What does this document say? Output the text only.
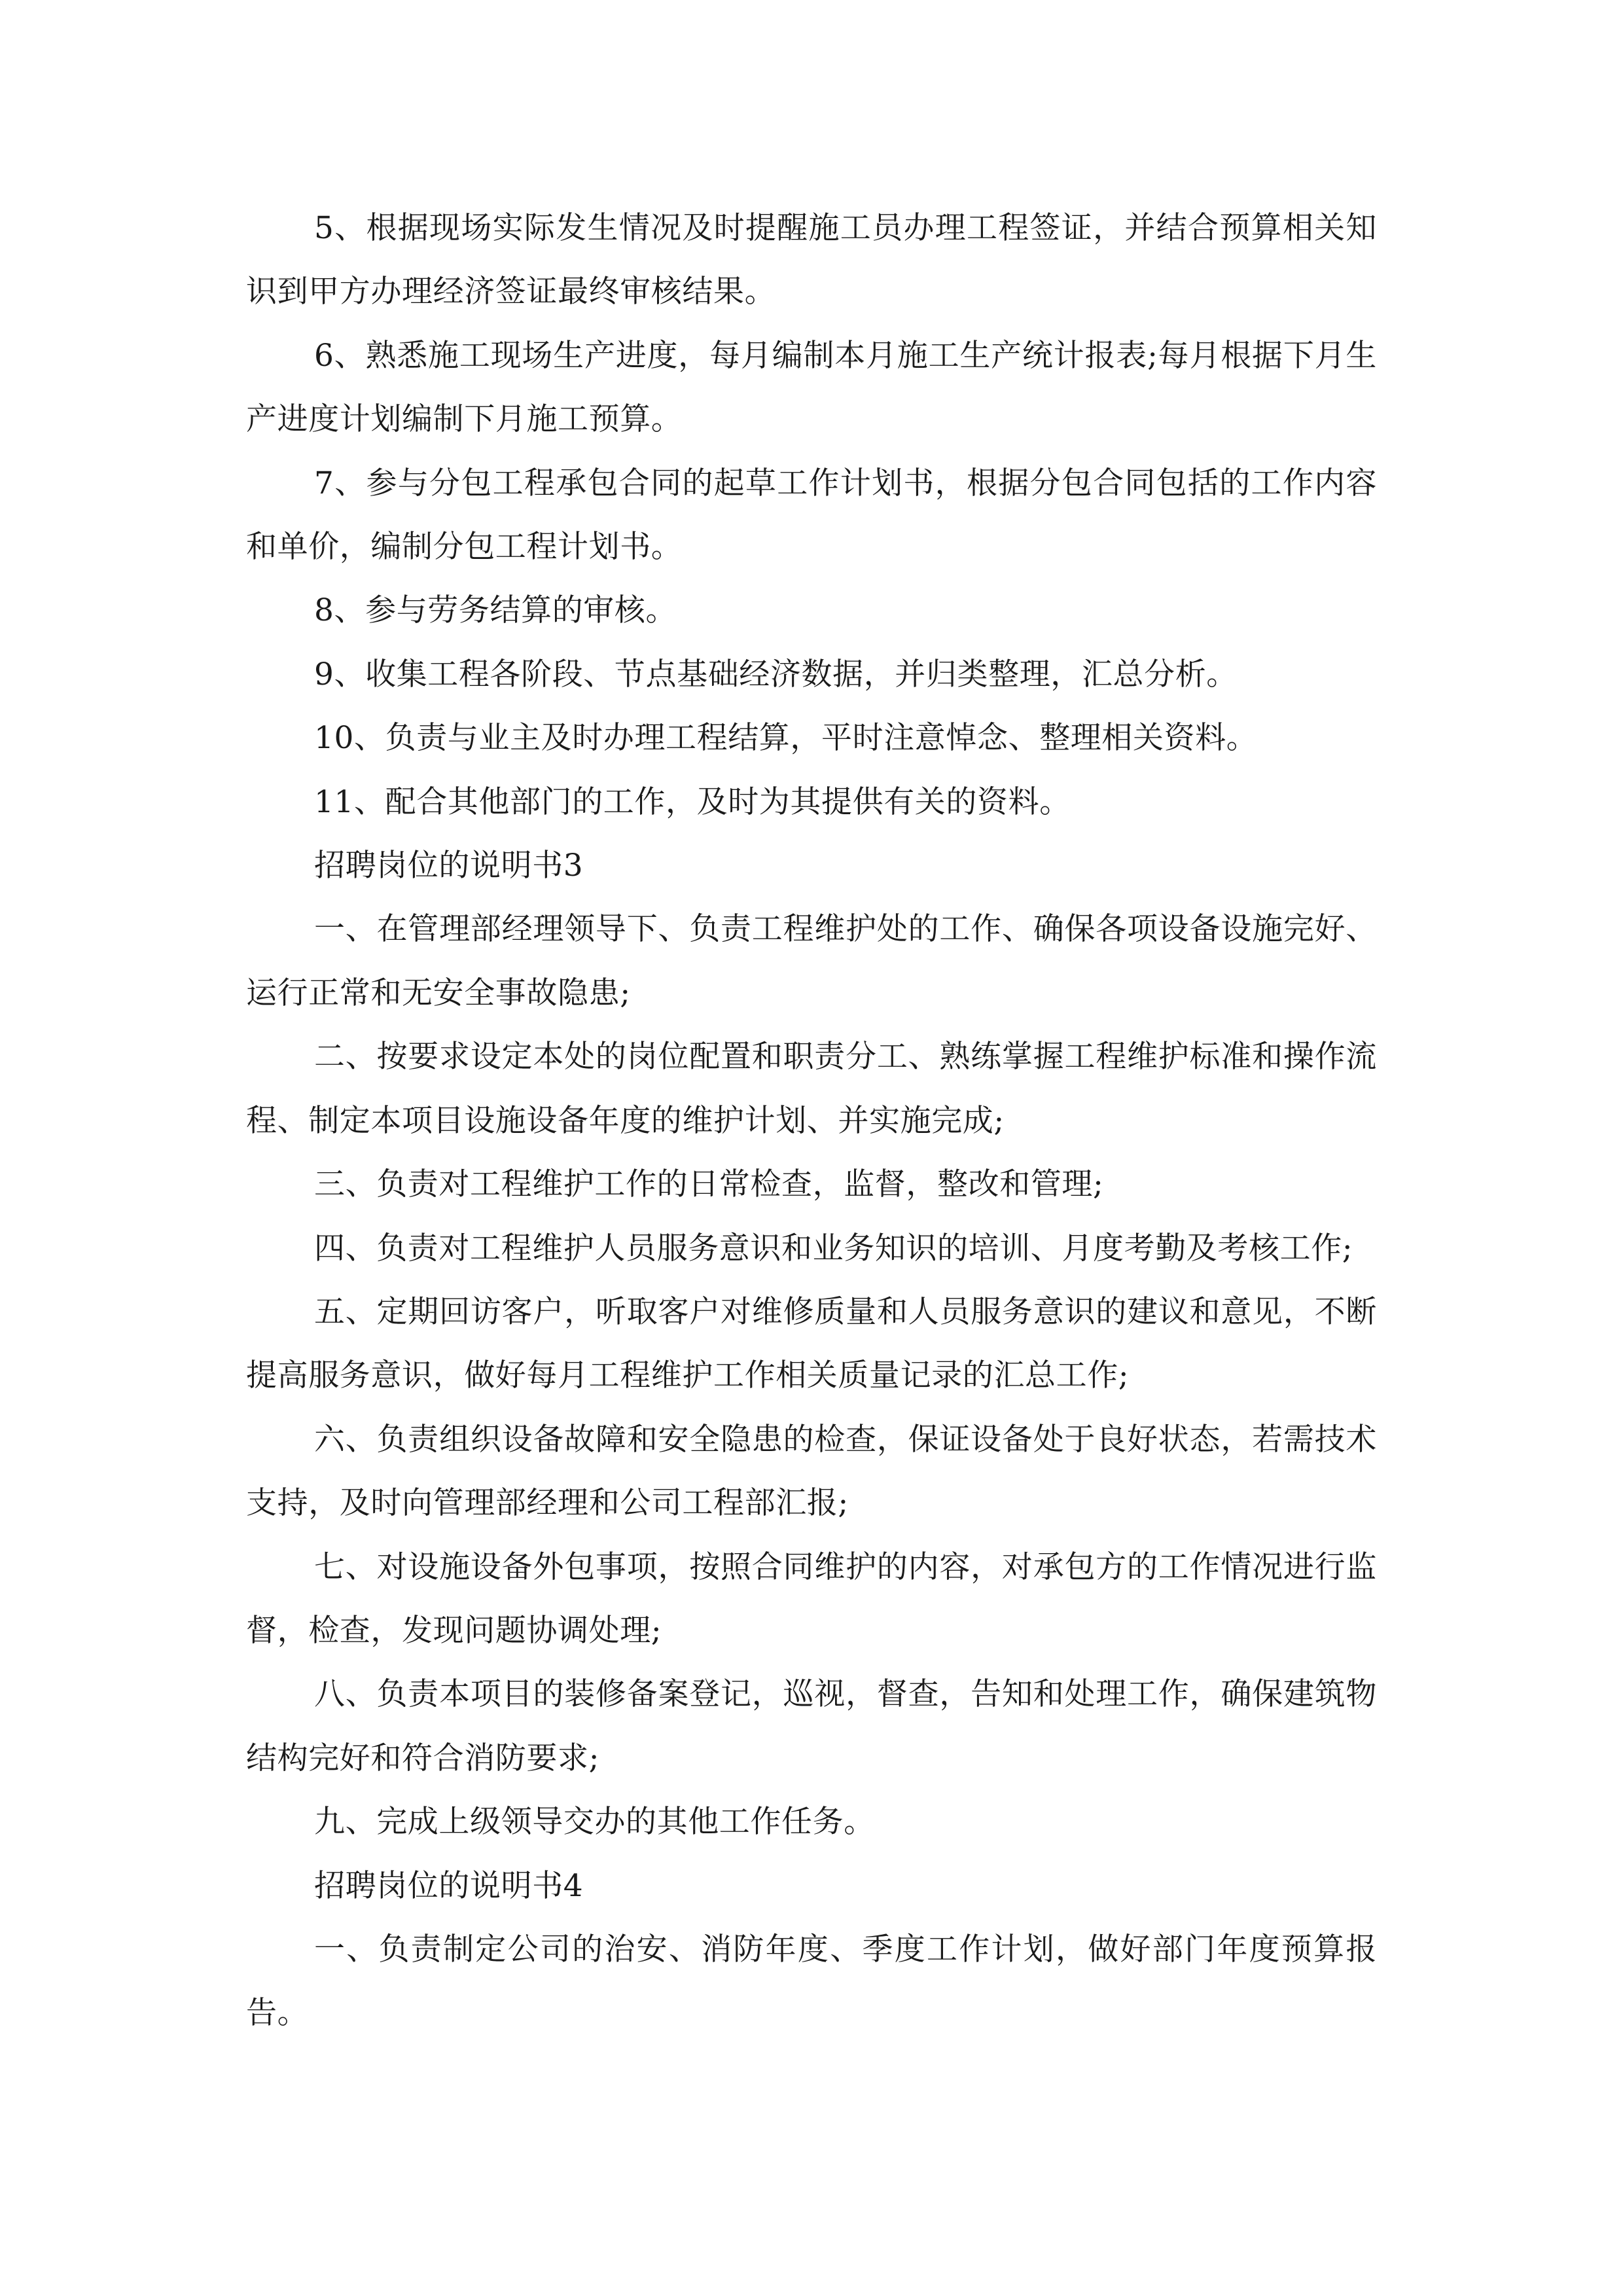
5、根据现场实际发生情况及时提醒施工员办理工程签证，并结合预算相关知识到甲方办理经济签证最终审核结果。

6、熟悉施工现场生产进度，每月编制本月施工生产统计报表;每月根据下月生产进度计划编制下月施工预算。

7、参与分包工程承包合同的起草工作计划书，根据分包合同包括的工作内容和单价，编制分包工程计划书。

8、参与劳务结算的审核。

9、收集工程各阶段、节点基础经济数据，并归类整理，汇总分析。

10、负责与业主及时办理工程结算，平时注意悼念、整理相关资料。

11、配合其他部门的工作，及时为其提供有关的资料。

招聘岗位的说明书3

一、在管理部经理领导下、负责工程维护处的工作、确保各项设备设施完好、运行正常和无安全事故隐患;

二、按要求设定本处的岗位配置和职责分工、熟练掌握工程维护标准和操作流程、制定本项目设施设备年度的维护计划、并实施完成;

三、负责对工程维护工作的日常检查，监督，整改和管理;

四、负责对工程维护人员服务意识和业务知识的培训、月度考勤及考核工作;

五、定期回访客户，听取客户对维修质量和人员服务意识的建议和意见，不断提高服务意识，做好每月工程维护工作相关质量记录的汇总工作;

六、负责组织设备故障和安全隐患的检查，保证设备处于良好状态，若需技术支持，及时向管理部经理和公司工程部汇报;

七、对设施设备外包事项，按照合同维护的内容，对承包方的工作情况进行监督，检查，发现问题协调处理;

八、负责本项目的装修备案登记，巡视，督查，告知和处理工作，确保建筑物结构完好和符合消防要求;

九、完成上级领导交办的其他工作任务。

招聘岗位的说明书4

一、负责制定公司的治安、消防年度、季度工作计划，做好部门年度预算报告。
